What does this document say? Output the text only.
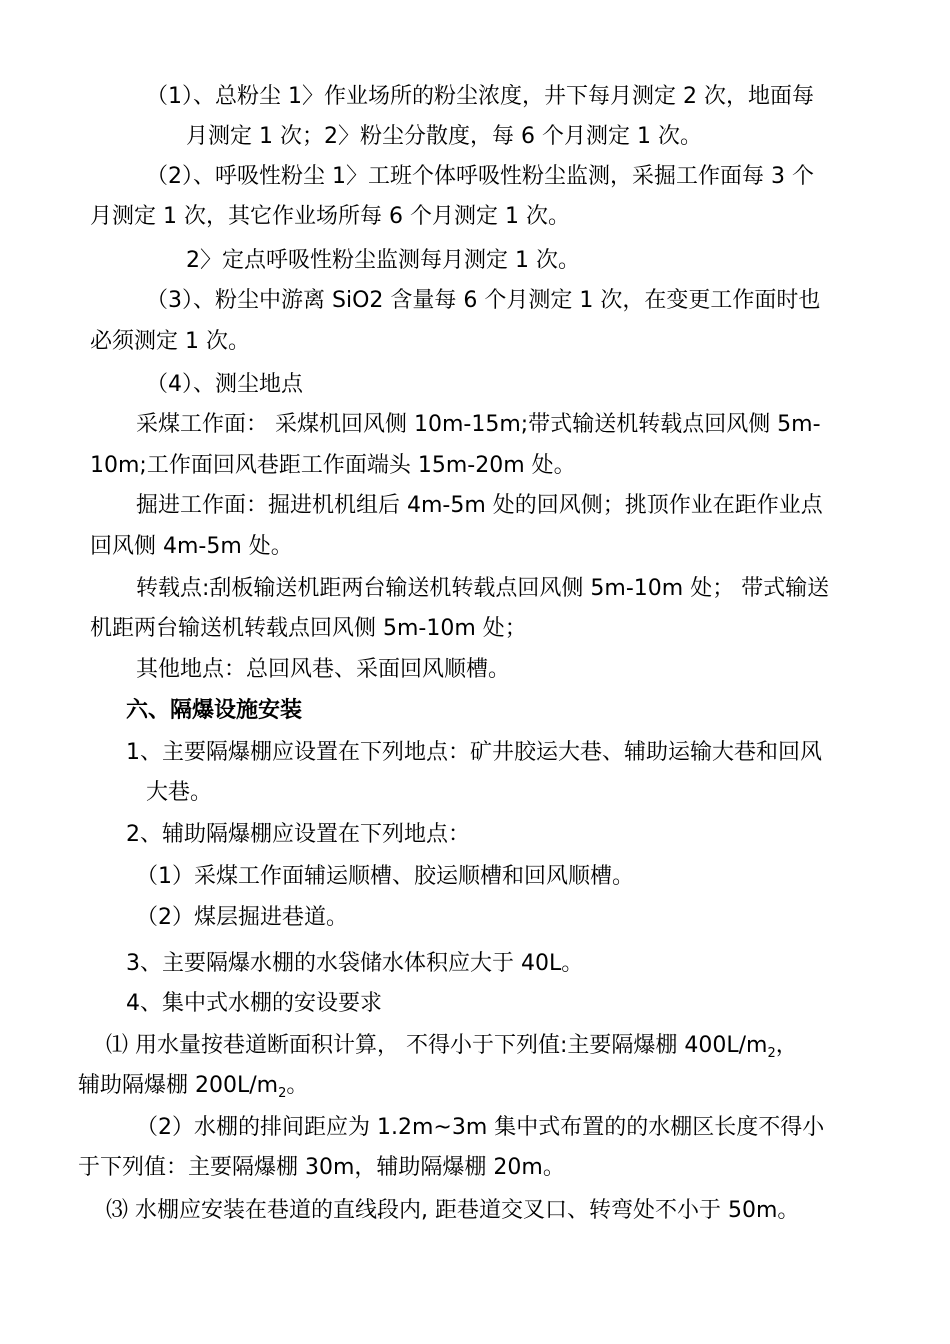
（1）、总粉尘 1〉作业场所的粉尘浓度，井下每月测定 2 次，地面每
月测定 1 次；2〉粉尘分散度，每 6 个月测定 1 次。
（2）、呼吸性粉尘 1〉工班个体呼吸性粉尘监测，采掘工作面每 3 个
月测定 1 次，其它作业场所每 6 个月测定 1 次。
2〉定点呼吸性粉尘监测每月测定 1 次。
（3）、粉尘中游离 SiO2 含量每 6 个月测定 1 次，在变更工作面时也
必须测定 1 次。
（4）、测尘地点
采煤工作面： 采煤机回风侧 10m-15m;带式输送机转载点回风侧 5m-
10m;工作面回风巷距工作面端头 15m-20m 处。
掘进工作面：掘进机机组后 4m-5m 处的回风侧；挑顶作业在距作业点
回风侧 4m-5m 处。
转载点:刮板输送机距两台输送机转载点回风侧 5m-10m 处； 带式输送
机距两台输送机转载点回风侧 5m-10m 处；
其他地点：总回风巷、采面回风顺槽。
六、隔爆设施安装
1、主要隔爆棚应设置在下列地点：矿井胶运大巷、辅助运输大巷和回风
大巷。
2、辅助隔爆棚应设置在下列地点：
（1）采煤工作面辅运顺槽、胶运顺槽和回风顺槽。
（2）煤层掘进巷道。
3、主要隔爆水棚的水袋储水体积应大于 40L。
4、集中式水棚的安设要求
⑴ 用水量按巷道断面积计算， 不得小于下列值:主要隔爆棚 $400L/m_2$，
辅助隔爆棚 $200L/m_2$。
（2）水棚的排间距应为 1.2m~3m 集中式布置的的水棚区长度不得小
于下列值：主要隔爆棚 30m，辅助隔爆棚 20m。
⑶ 水棚应安装在巷道的直线段内, 距巷道交叉口、转弯处不小于 50m。
